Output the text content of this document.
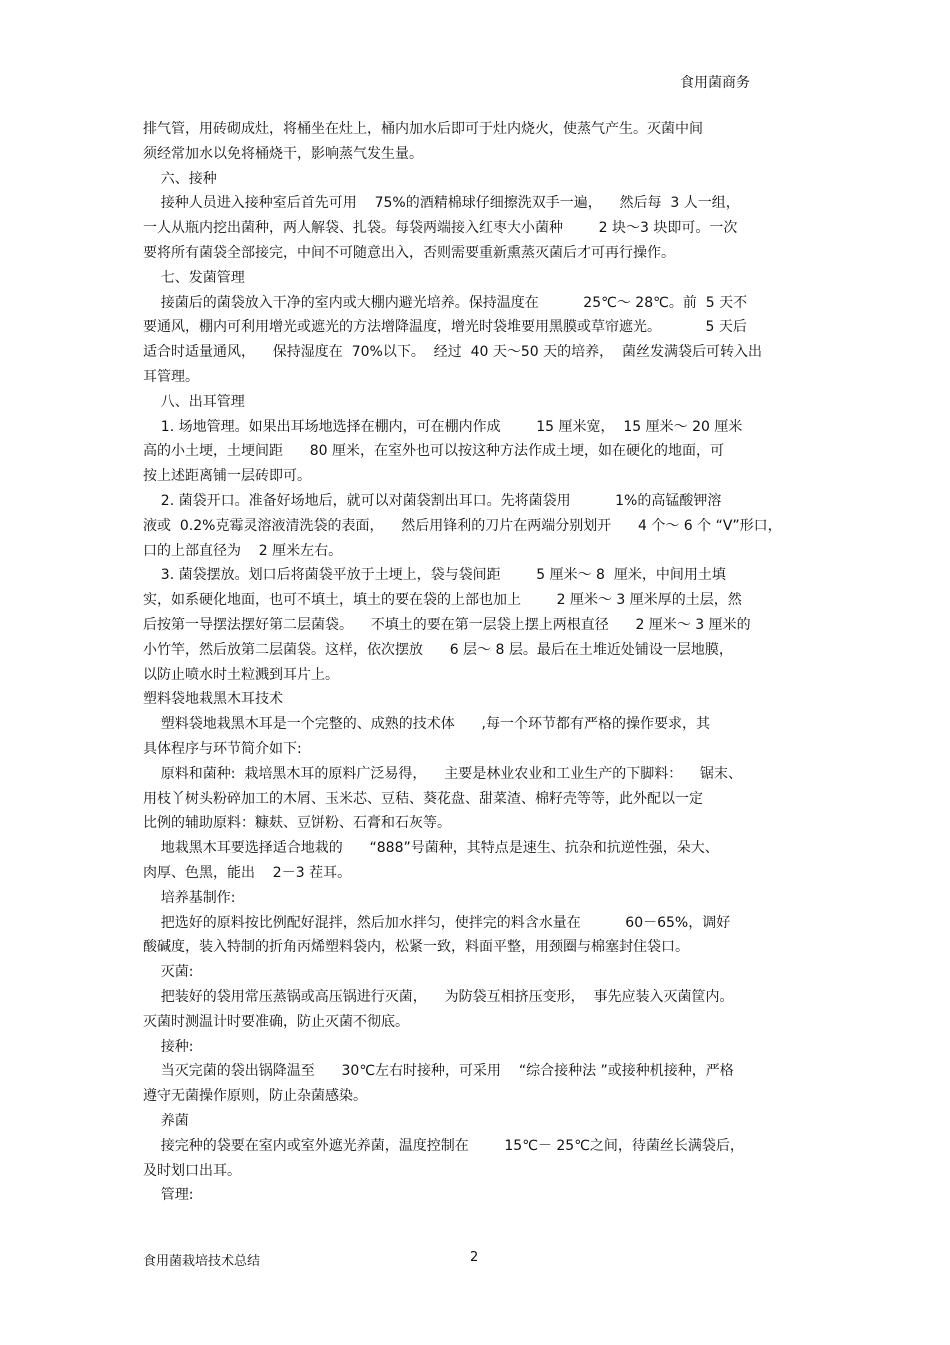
食用菌商务
排气管，用砖砌成灶，将桶坐在灶上，桶内加水后即可于灶内烧火，使蒸气产生。灭菌中间
须经常加水以免将桶烧干，影响蒸气发生量。
六、接种
接种人员进入接种室后首先可用    75%的酒精棉球仔细擦洗双手一遍，    然后每  3 人一组，
一人从瓶内挖出菌种，两人解袋、扎袋。每袋两端接入红枣大小菌种        2 块～3 块即可。一次
要将所有菌袋全部接完，中间不可随意出入，否则需要重新熏蒸灭菌后才可再行操作。
七、发菌管理
接菌后的菌袋放入干净的室内或大棚内避光培养。保持温度在          25℃～ 28℃。前  5 天不
要通风，棚内可利用增光或遮光的方法增降温度，增光时袋堆要用黑膜或草帘遮光。          5 天后
适合时适量通风，    保持湿度在  70%以下。  经过  40 天～50 天的培养，  菌丝发满袋后可转入出
耳管理。
八、出耳管理
1. 场地管理。如果出耳场地选择在棚内，可在棚内作成        15 厘米宽，  15 厘米～ 20 厘米
高的小土埂，土埂间距      80 厘米，在室外也可以按这种方法作成土埂，如在硬化的地面，可
按上述距离铺一层砖即可。
2. 菌袋开口。准备好场地后，就可以对菌袋割出耳口。先将菌袋用          1%的高锰酸钾溶
液或  0.2%克霉灵溶液清洗袋的表面，    然后用锋利的刀片在两端分别划开      4 个～ 6 个 “V”形口，
口的上部直径为    2 厘米左右。
3. 菌袋摆放。划口后将菌袋平放于土埂上，袋与袋间距        5 厘米～ 8  厘米，中间用土填
实，如系硬化地面，也可不填土，填土的要在袋的上部也加上        2 厘米～ 3 厘米厚的土层，然
后按第一导摆法摆好第二层菌袋。    不填土的要在第一层袋上摆上两根直径      2 厘米～ 3 厘米的
小竹竿，然后放第二层菌袋。这样，依次摆放      6 层～ 8 层。最后在土堆近处铺设一层地膜，
以防止喷水时土粒溅到耳片上。
塑料袋地栽黑木耳技术
塑料袋地栽黑木耳是一个完整的、成熟的技术体      ,每一个环节都有严格的操作要求，其
具体程序与环节简介如下:
原料和菌种:  栽培黑木耳的原料广泛易得，    主要是林业农业和工业生产的下脚料：    锯末、
用枝丫树头粉碎加工的木屑、玉米芯、豆秸、葵花盘、甜菜渣、棉籽壳等等，此外配以一定
比例的辅助原料：糠麸、豆饼粉、石膏和石灰等。
地栽黑木耳要选择适合地栽的      “888”号菌种，其特点是速生、抗杂和抗逆性强，朵大、
肉厚、色黑，能出    2－3 茬耳。
培养基制作:
把选好的原料按比例配好混拌，然后加水拌匀，使拌完的料含水量在          60－65%，调好
酸碱度，装入特制的折角丙烯塑料袋内，松紧一致，料面平整，用颈圈与棉塞封住袋口。
灭菌:
把装好的袋用常压蒸锅或高压锅进行灭菌，    为防袋互相挤压变形，  事先应装入灭菌筐内。
灭菌时测温计时要准确，防止灭菌不彻底。
接种:
当灭完菌的袋出锅降温至      30℃左右时接种，可采用    “综合接种法 ”或接种机接种，严格
遵守无菌操作原则，防止杂菌感染。
养菌
接完种的袋要在室内或室外遮光养菌，温度控制在        15℃－ 25℃之间，待菌丝长满袋后，
及时划口出耳。
管理:
食用菌栽培技术总结	2
